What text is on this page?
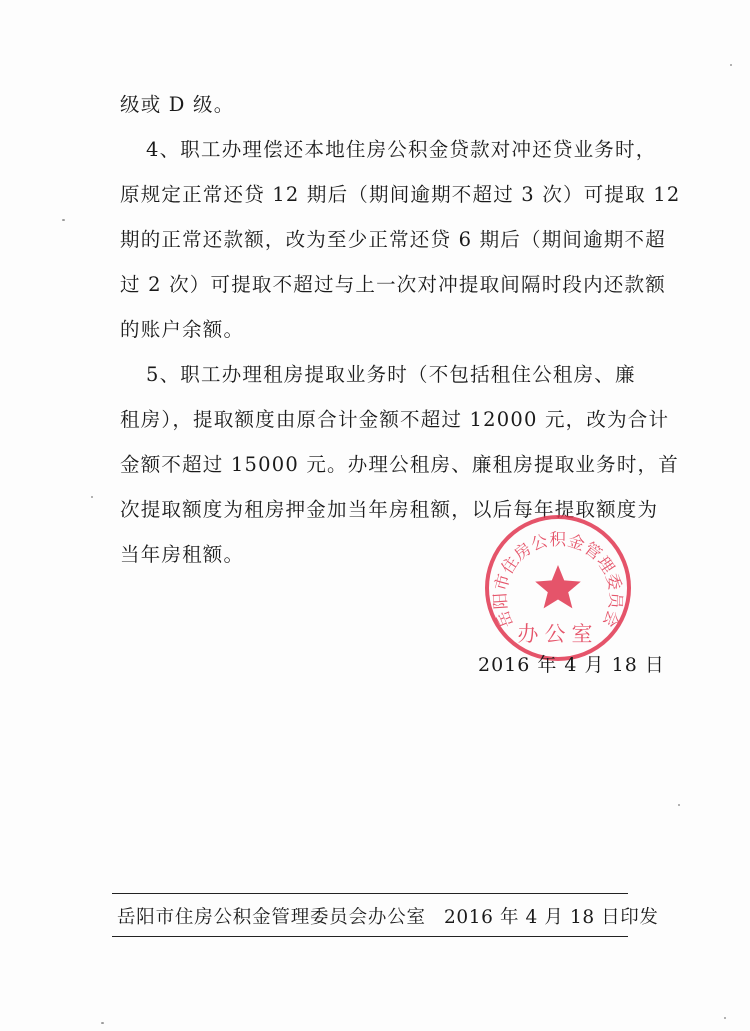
级或 D 级。
4、职工办理偿还本地住房公积金贷款对冲还贷业务时，
原规定正常还贷 12 期后（期间逾期不超过 3 次）可提取 12
期的正常还款额，改为至少正常还贷 6 期后（期间逾期不超
过 2 次）可提取不超过与上一次对冲提取间隔时段内还款额
的账户余额。
5、职工办理租房提取业务时（不包括租住公租房、廉
租房），提取额度由原合计金额不超过 12000 元，改为合计
金额不超过 15000 元。办理公租房、廉租房提取业务时，首
次提取额度为租房押金加当年房租额，以后每年提取额度为
当年房租额。
岳阳市住房公积金管理委员会
办公室
2016 年 4 月 18 日
岳阳市住房公积金管理委员会办公室 2016 年 4 月 18 日印发
